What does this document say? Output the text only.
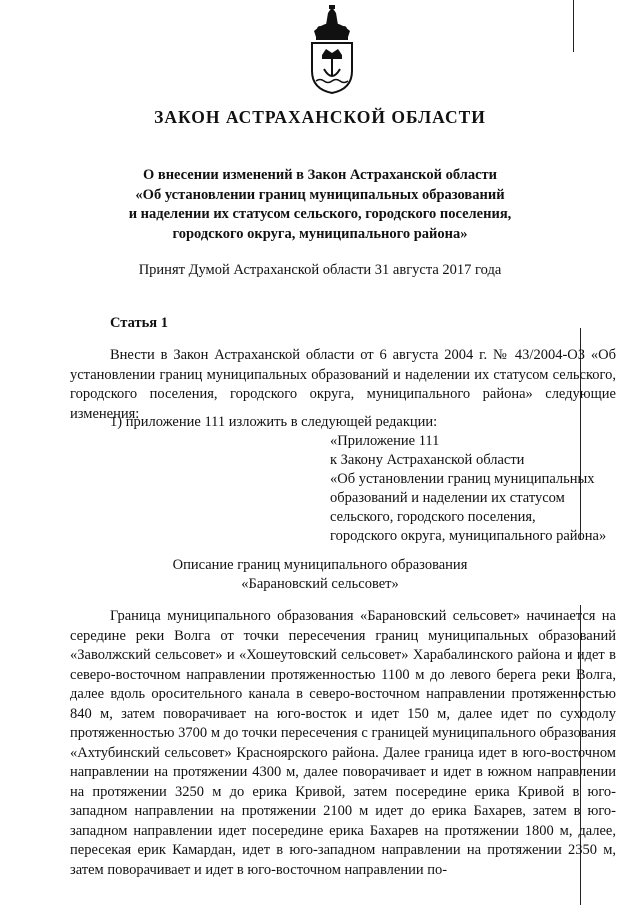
ЗАКОН АСТРАХАНСКОЙ ОБЛАСТИ
О внесении изменений в Закон Астраханской области
«Об установлении границ муниципальных образований
и наделении их статусом сельского, городского поселения,
городского округа, муниципального района»
Принят Думой Астраханской области 31 августа 2017 года
Статья 1
Внести в Закон Астраханской области от 6 августа 2004 г. № 43/2004-ОЗ «Об установлении границ муниципальных образований и наделении их статусом сельского, городского поселения, городского округа, муниципального района» следующие изменения:
1) приложение 111 изложить в следующей редакции:
«Приложение 111
к Закону Астраханской области
«Об установлении границ муниципальных
образований и наделении их статусом
сельского, городского поселения,
городского округа, муниципального района»
Описание границ муниципального образования
«Барановский сельсовет»
Граница муниципального образования «Барановский сельсовет» начинается на середине реки Волга от точки пересечения границ муниципальных образований «Заволжский сельсовет» и «Хошеутовский сельсовет» Харабалинского района и идет в северо-восточном направлении протяженностью 1100 м до левого берега реки Волга, далее вдоль оросительного канала в северо-восточном направлении протяженностью 840 м, затем поворачивает на юго-восток и идет 150 м, далее идет по суходолу протяженностью 3700 м до точки пересечения с границей муниципального образования «Ахтубинский сельсовет» Красноярского района. Далее граница идет в юго-восточном направлении на протяжении 4300 м, далее поворачивает и идет в южном направлении на протяжении 3250 м до ерика Кривой, затем посередине ерика Кривой в юго-западном направлении на протяжении 2100 м идет до ерика Бахарев, затем в юго-западном направлении идет посередине ерика Бахарев на протяжении 1800 м, далее, пересекая ерик Камардан, идет в юго-западном направлении на протяжении 2350 м, затем поворачивает и идет в юго-восточном направлении по-
